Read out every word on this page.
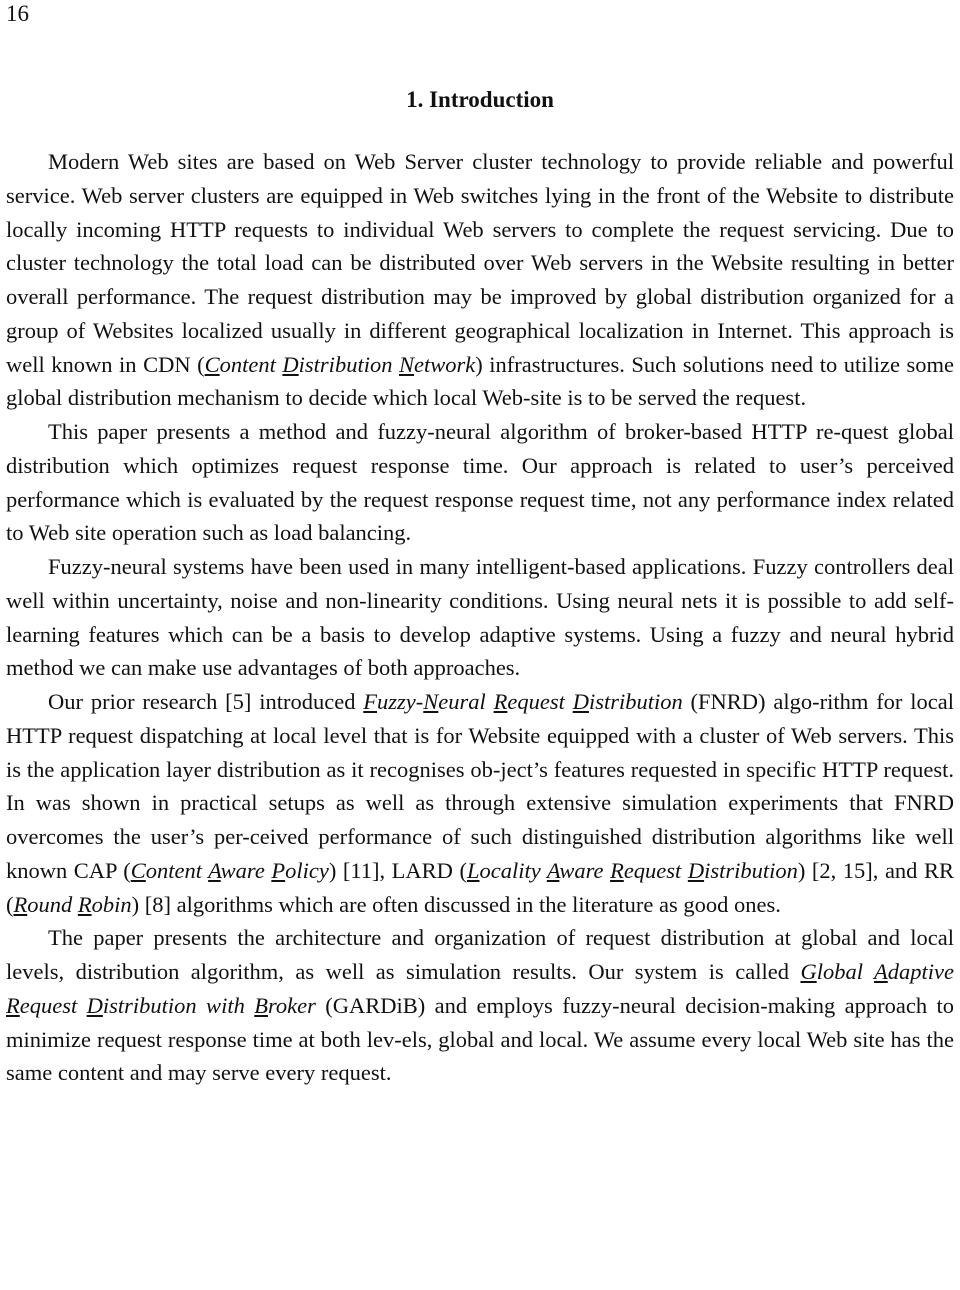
16
1. Introduction

Modern Web sites are based on Web Server cluster technology to provide reliable and powerful service. Web server clusters are equipped in Web switches lying in the front of the Website to distribute locally incoming HTTP requests to individual Web servers to complete the request servicing. Due to cluster technology the total load can be distributed over Web servers in the Website resulting in better overall performance. The request distribution may be improved by global distribution organized for a group of Websites localized usually in different geographical localization in Internet. This approach is well known in CDN (Content Distribution Network) infrastructures. Such solutions need to utilize some global distribution mechanism to decide which local Web-site is to be served the request.

This paper presents a method and fuzzy-neural algorithm of broker-based HTTP re-quest global distribution which optimizes request response time. Our approach is related to user’s perceived performance which is evaluated by the request response request time, not any performance index related to Web site operation such as load balancing.

Fuzzy-neural systems have been used in many intelligent-based applications. Fuzzy controllers deal well within uncertainty, noise and non-linearity conditions. Using neural nets it is possible to add self-learning features which can be a basis to develop adaptive systems. Using a fuzzy and neural hybrid method we can make use advantages of both approaches.

Our prior research [5] introduced Fuzzy-Neural Request Distribution (FNRD) algo-rithm for local HTTP request dispatching at local level that is for Website equipped with a cluster of Web servers. This is the application layer distribution as it recognises ob-ject’s features requested in specific HTTP request. In was shown in practical setups as well as through extensive simulation experiments that FNRD overcomes the user’s per-ceived performance of such distinguished distribution algorithms like well known CAP (Content Aware Policy) [11], LARD (Locality Aware Request Distribution) [2, 15], and RR (Round Robin) [8] algorithms which are often discussed in the literature as good ones.

The paper presents the architecture and organization of request distribution at global and local levels, distribution algorithm, as well as simulation results. Our system is called Global Adaptive Request Distribution with Broker (GARDiB) and employs fuzzy-neural decision-making approach to minimize request response time at both lev-els, global and local. We assume every local Web site has the same content and may serve every request.
